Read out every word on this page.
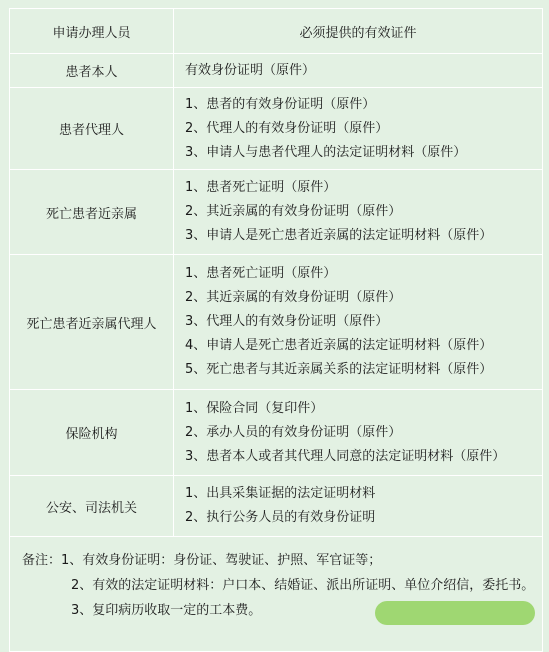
申请办理人员	必须提供的有效证件
患者本人	有效身份证明（原件）

患者代理人	1、患者的有效身份证明（原件）
2、代理人的有效身份证明（原件）
3、申请人与患者代理人的法定证明材料（原件）

死亡患者近亲属	1、患者死亡证明（原件）
2、其近亲属的有效身份证明（原件）
3、申请人是死亡患者近亲属的法定证明材料（原件）

死亡患者近亲属代理人	1、患者死亡证明（原件）
2、其近亲属的有效身份证明（原件）
3、代理人的有效身份证明（原件）
4、申请人是死亡患者近亲属的法定证明材料（原件）
5、死亡患者与其近亲属关系的法定证明材料（原件）

保险机构	1、保险合同（复印件）
2、承办人员的有效身份证明（原件）
3、患者本人或者其代理人同意的法定证明材料（原件）

公安、司法机关	1、出具采集证据的法定证明材料
2、执行公务人员的有效身份证明

备注：1、有效身份证明：身份证、驾驶证、护照、军官证等；
2、有效的法定证明材料：户口本、结婚证、派出所证明、单位介绍信，委托书。
3、复印病历收取一定的工本费。	
